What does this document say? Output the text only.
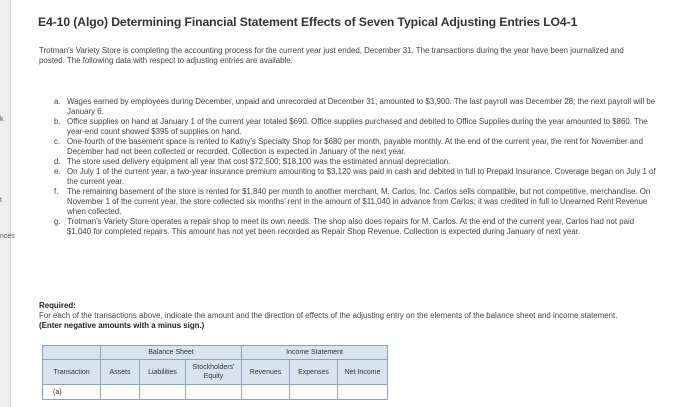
k
t
nces
E4-10 (Algo) Determining Financial Statement Effects of Seven Typical Adjusting Entries LO4-1
Trotman's Variety Store is completing the accounting process for the current year just ended, December 31. The transactions during the year have been journalized and posted. The following data with respect to adjusting entries are available:
a. Wages earned by employees during December, unpaid and unrecorded at December 31, amounted to $3,900. The last payroll was December 28; the next payroll will be January 6.
b. Office supplies on hand at January 1 of the current year totaled $690. Office supplies purchased and debited to Office Supplies during the year amounted to $860. The year-end count showed $395 of supplies on hand.
c. One-fourth of the basement space is rented to Kathy's Specialty Shop for $680 per month, payable monthly. At the end of the current year, the rent for November and December had not been collected or recorded. Collection is expected in January of the next year.
d. The store used delivery equipment all year that cost $72,500; $18,100 was the estimated annual depreciation.
e. On July 1 of the current year, a two-year insurance premium amounting to $3,120 was paid in cash and debited in full to Prepaid Insurance. Coverage began on July 1 of the current year.
f.	The remaining basement of the store is rented for $1,840 per month to another merchant, M. Carlos, Inc. Carlos sells compatible, but not competitive, merchandise. On November 1 of the current year, the store collected six months' rent in the amount of $11,040 in advance from Carlos; it was credited in full to Unearned Rent Revenue when collected.
g. Trotman's Variety Store operates a repair shop to meet its own needs. The shop also does repairs for M. Carlos. At the end of the current year, Carlos had not paid $1,040 for completed repairs. This amount has not yet been recorded as Repair Shop Revenue. Collection is expected during January of next year.
Required:
For each of the transactions above, indicate the amount and the direction of effects of the adjusting entry on the elements of the balance sheet and income statement. (Enter negative amounts with a minus sign.)
	Balance Sheet			Income Statement		
Transaction	Assets	Liabilities	Stockholders' Equity	Revenues	Expenses	Net Income
(a)						
